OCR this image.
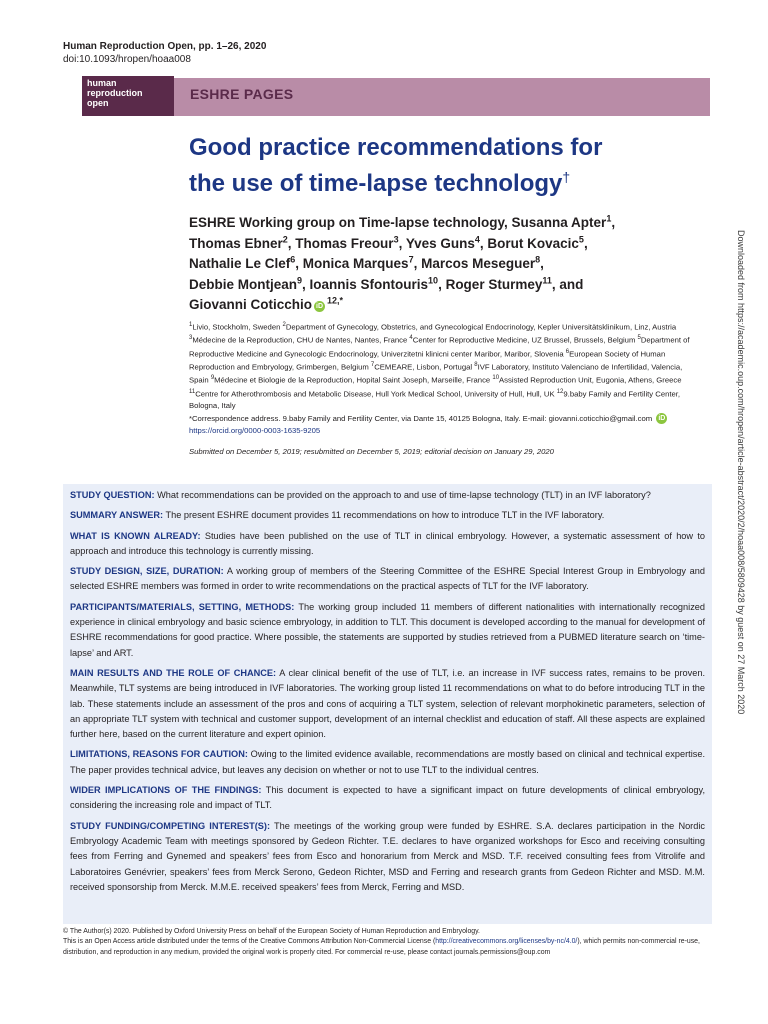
Human Reproduction Open, pp. 1–26, 2020
doi:10.1093/hropen/hoaa008
human
reproduction
open
ESHRE PAGES
Good practice recommendations for
the use of time-lapse technology†
ESHRE Working group on Time-lapse technology, Susanna Apter$^1$,
Thomas Ebner$^2$, Thomas Freour$^3$, Yves Guns$^4$, Borut Kovacic$^5$,
Nathalie Le Clef$^6$, Monica Marques$^7$, Marcos Meseguer$^8$,
Debbie Montjean$^9$, Ioannis Sfontouris$^{10}$, Roger Sturmey$^{11}$, and
Giovanni Coticchio $iD^{12,*}$
$^1$Livio, Stockholm, Sweden $^2$Department of Gynecology, Obstetrics, and Gynecological Endocrinology, Kepler Universitätsklinikum, Linz, Austria $^3$Médecine de la Reproduction, CHU de Nantes, Nantes, France $^4$Center for Reproductive Medicine, UZ Brussel, Brussels, Belgium $^5$Department of Reproductive Medicine and Gynecologic Endocrinology, Univerzitetni klinicni center Maribor, Maribor, Slovenia $^6$European Society of Human Reproduction and Embryology, Grimbergen, Belgium $^7$CEMEARE, Lisbon, Portugal $^8$IVF Laboratory, Instituto Valenciano de Infertilidad, Valencia, Spain $^9$Médecine et Biologie de la Reproduction, Hopital Saint Joseph, Marseille, France $^{10}$Assisted Reproduction Unit, Eugonia, Athens, Greece $^{11}$Centre for Atherothrombosis and Metabolic Disease, Hull York Medical School, University of Hull, Hull, UK $^{12}$9.baby Family and Fertility Center, Bologna, Italy
*Correspondence address. 9.baby Family and Fertility Center, via Dante 15, 40125 Bologna, Italy. E-mail: giovanni.coticchio@gmail.com iDhttps://orcid.org/0000-0003-1635-9205
Submitted on December 5, 2019; resubmitted on December 5, 2019; editorial decision on January 29, 2020	Downloaded from https://academic.oup.com/hropen/article-abstract/2020/2/hoaa008/5809428 by guest on 27 March 2020

STUDY QUESTION: What recommendations can be provided on the approach to and use of time-lapse technology (TLT) in an IVF laboratory?

SUMMARY ANSWER: The present ESHRE document provides 11 recommendations on how to introduce TLT in the IVF laboratory.

WHAT IS KNOWN ALREADY: Studies have been published on the use of TLT in clinical embryology. However, a systematic assessment of how to approach and introduce this technology is currently missing.

STUDY DESIGN, SIZE, DURATION: A working group of members of the Steering Committee of the ESHRE Special Interest Group in Embryology and selected ESHRE members was formed in order to write recommendations on the practical aspects of TLT for the IVF laboratory.

PARTICIPANTS/MATERIALS, SETTING, METHODS: The working group included 11 members of different nationalities with internationally recognized experience in clinical embryology and basic science embryology, in addition to TLT. This document is developed according to the manual for development of ESHRE recommendations for good practice. Where possible, the statements are supported by studies retrieved from a PUBMED literature search on ‘time-lapse’ and ART.

MAIN RESULTS AND THE ROLE OF CHANCE: A clear clinical benefit of the use of TLT, i.e. an increase in IVF success rates, remains to be proven. Meanwhile, TLT systems are being introduced in IVF laboratories. The working group listed 11 recommendations on what to do before introducing TLT in the lab. These statements include an assessment of the pros and cons of acquiring a TLT system, selection of relevant morphokinetic parameters, selection of an appropriate TLT system with technical and customer support, development of an internal checklist and education of staff. All these aspects are explained further here, based on the current literature and expert opinion.

LIMITATIONS, REASONS FOR CAUTION: Owing to the limited evidence available, recommendations are mostly based on clinical and technical expertise. The paper provides technical advice, but leaves any decision on whether or not to use TLT to the individual centres.

WIDER IMPLICATIONS OF THE FINDINGS: This document is expected to have a significant impact on future developments of clinical embryology, considering the increasing role and impact of TLT.

STUDY FUNDING/COMPETING INTEREST(S): The meetings of the working group were funded by ESHRE. S.A. declares participation in the Nordic Embryology Academic Team with meetings sponsored by Gedeon Richter. T.E. declares to have organized workshops for Esco and receiving consulting fees from Ferring and Gynemed and speakers’ fees from Esco and honorarium from Merck and MSD. T.F. received consulting fees from Vitrolife and Laboratoires Genévrier, speakers’ fees from Merck Serono, Gedeon Richter, MSD and Ferring and research grants from Gedeon Richter and MSD. M.M. received sponsorship from Merck. M.M.E. received speakers’ fees from Merck, Ferring and MSD.

© The Author(s) 2020. Published by Oxford University Press on behalf of the European Society of Human Reproduction and Embryology.
This is an Open Access article distributed under the terms of the Creative Commons Attribution Non-Commercial License (http://creativecommons.org/licenses/by-nc/4.0/), which permits non-commercial re-use, distribution, and reproduction in any medium, provided the original work is properly cited. For commercial re-use, please contact journals.permissions@oup.com
